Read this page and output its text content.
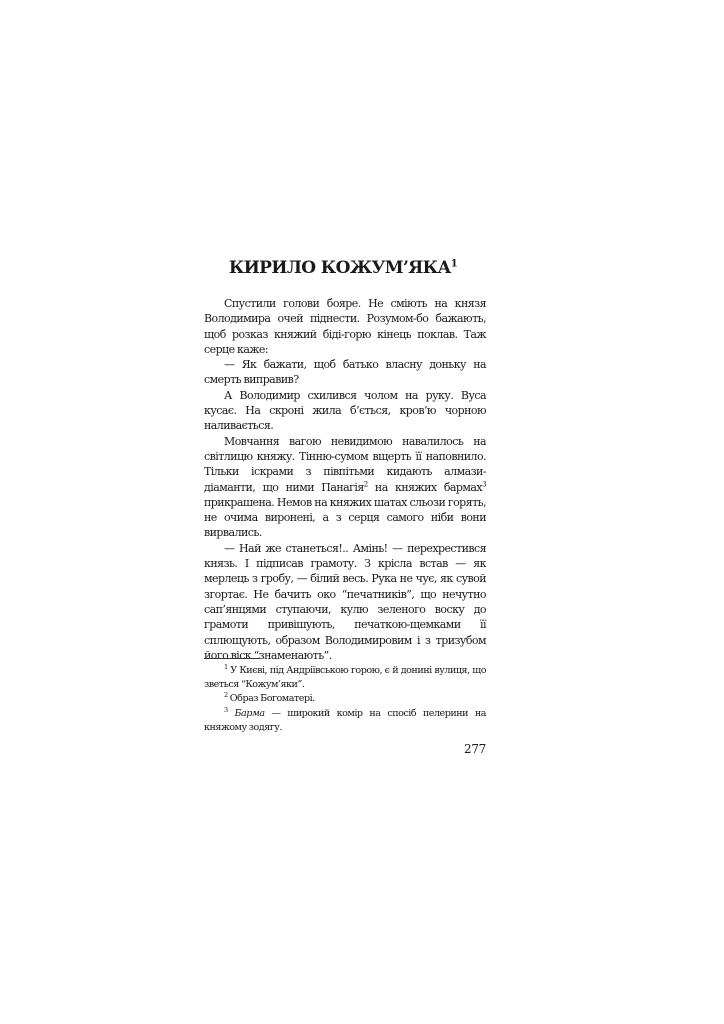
КИРИЛО КОЖУМ’ЯКА$^1$

Спустили голови бояре. Не сміють на князя Володимира очей піднести. Розумом-бо бажають, щоб розказ княжий біді-горю кінець поклав. Таж серце каже:

— Як бажати, щоб батько власну доньку на смерть виправив?

А Володимир схилився чолом на руку. Вуса кусає. На скроні жила б’ється, кров’ю чорною наливається.

Мовчання вагою невидимою навалилось на світлицю княжу. Тінню-сумом вщерть її наповнило. Тільки іскрами з півпітьми кидають алмази-діаманти, що ними Панагія$^2$ на княжих бармах$^3$ прикрашена. Немов на княжих шатах сльози горять, не очима виронені, а з серця самого ніби вони вирвались.

— Най же станеться!.. Амінь! — перехрестився князь. І підписав грамоту. З крісла встав — як мерлець з гробу, — білий весь. Рука не чує, як сувой згортає. Не бачить око “печатників”, що нечутно сап’янцями ступаючи, кулю зеленого воску до грамоти привішують, печаткою-щемками її сплющують, образом Володимировим і з тризубом його віск “знаменають”.

$^1$ У Києві, під Андріївською горою, є й донині вулиця, що зветься “Кожум’яки”.

$^2$ Образ Богоматері.

$^3$ Барма — широкий комір на спосіб пелерини на княжому зодягу.

277
